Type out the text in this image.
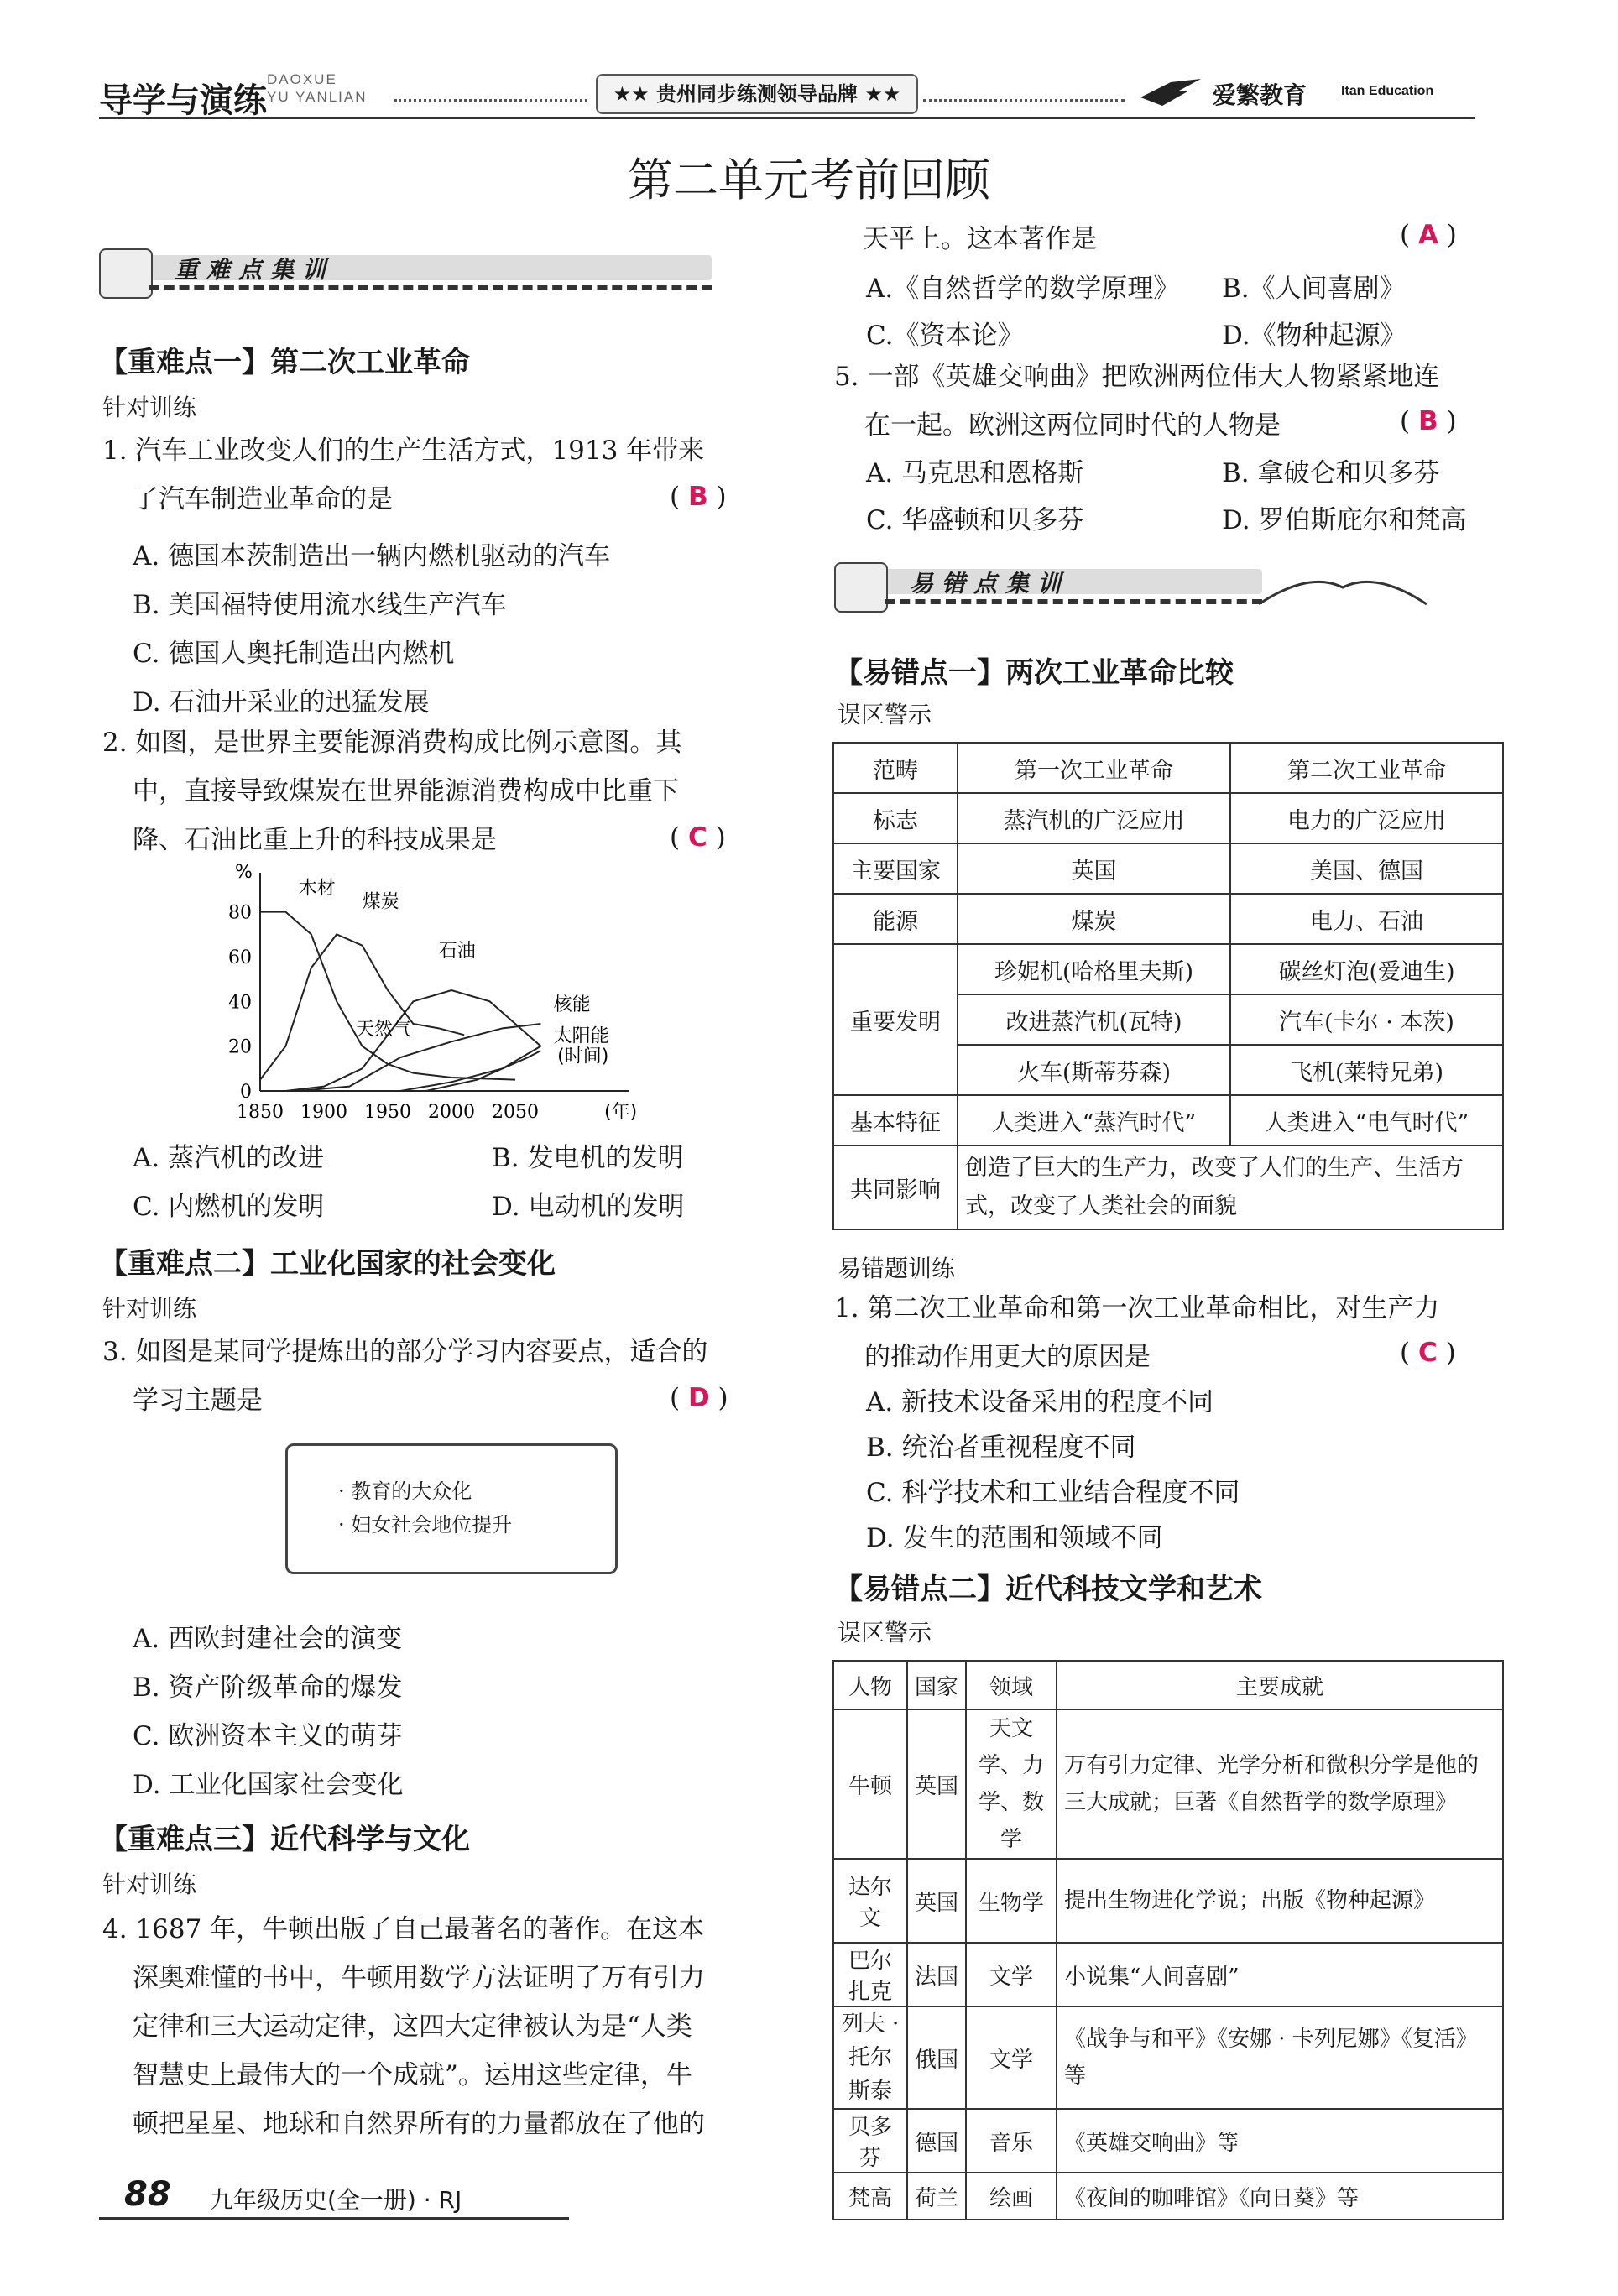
导学与演练
DAOXUE
YU YANLIAN	★★ 贵州同步练测领导品牌 ★★	爱繁教育	Itan Education
第二单元考前回顾
重难点集训
【重难点一】第二次工业革命
针对训练
1. 汽车工业改变人们的生产生活方式，1913 年带来
了汽车制造业革命的是	( B )
A. 德国本茨制造出一辆内燃机驱动的汽车
B. 美国福特使用流水线生产汽车
C. 德国人奥托制造出内燃机
D. 石油开采业的迅猛发展
2. 如图，是世界主要能源消费构成比例示意图。其
中，直接导致煤炭在世界能源消费构成中比重下
降、石油比重上升的科技成果是	( C )
%
0
20
40
60
80
1850 1900 1950 2000 2050	(年)
木材
煤炭
石油
天然气
核能
太阳能
(时间)
A. 蒸汽机的改进	B. 发电机的发明
C. 内燃机的发明	D. 电动机的发明
【重难点二】工业化国家的社会变化
针对训练
3. 如图是某同学提炼出的部分学习内容要点，适合的
学习主题是	( D )
· 教育的大众化
· 妇女社会地位提升
A. 西欧封建社会的演变
B. 资产阶级革命的爆发
C. 欧洲资本主义的萌芽
D. 工业化国家社会变化
【重难点三】近代科学与文化
针对训练
4. 1687 年，牛顿出版了自己最著名的著作。在这本
深奥难懂的书中，牛顿用数学方法证明了万有引力
定律和三大运动定律，这四大定律被认为是“人类
智慧史上最伟大的一个成就”。运用这些定律，牛
顿把星星、地球和自然界所有的力量都放在了他的
天平上。这本著作是	( A )
A.《自然哲学的数学原理》 B.《人间喜剧》
C.《资本论》	D.《物种起源》
5. 一部《英雄交响曲》把欧洲两位伟大人物紧紧地连
在一起。欧洲这两位同时代的人物是	( B )
A. 马克思和恩格斯	B. 拿破仑和贝多芬
C. 华盛顿和贝多芬	D. 罗伯斯庇尔和梵高
易错点集训
【易错点一】两次工业革命比较
误区警示
范畴	第一次工业革命	第二次工业革命
标志	蒸汽机的广泛应用	电力的广泛应用
主要国家	英国	美国、德国
能源	煤炭	电力、石油
重要发明	珍妮机(哈格里夫斯)	碳丝灯泡(爱迪生)
	改进蒸汽机(瓦特)	汽车(卡尔 · 本茨)
	火车(斯蒂芬森)	飞机(莱特兄弟)
基本特征	人类进入“蒸汽时代”	人类进入“电气时代”
共同影响	创造了巨大的生产力，改变了人们的生产、生活方式，改变了人类社会的面貌	
易错题训练
1. 第二次工业革命和第一次工业革命相比，对生产力
的推动作用更大的原因是	( C )
A. 新技术设备采用的程度不同
B. 统治者重视程度不同
C. 科学技术和工业结合程度不同
D. 发生的范围和领域不同
【易错点二】近代科技文学和艺术
误区警示
人物	国家	领域	主要成就
牛顿	英国	天文学、力学、数学	万有引力定律、光学分析和微积分学是他的三大成就；巨著《自然哲学的数学原理》
达尔文	英国	生物学	提出生物进化学说；出版《物种起源》
巴尔扎克	法国	文学	小说集“人间喜剧”
列夫 · 托尔斯泰	俄国	文学	《战争与和平》《安娜 · 卡列尼娜》《复活》等
贝多芬	德国	音乐	《英雄交响曲》等
梵高	荷兰	绘画	《夜间的咖啡馆》《向日葵》等
88 九年级历史(全一册) · RJ
